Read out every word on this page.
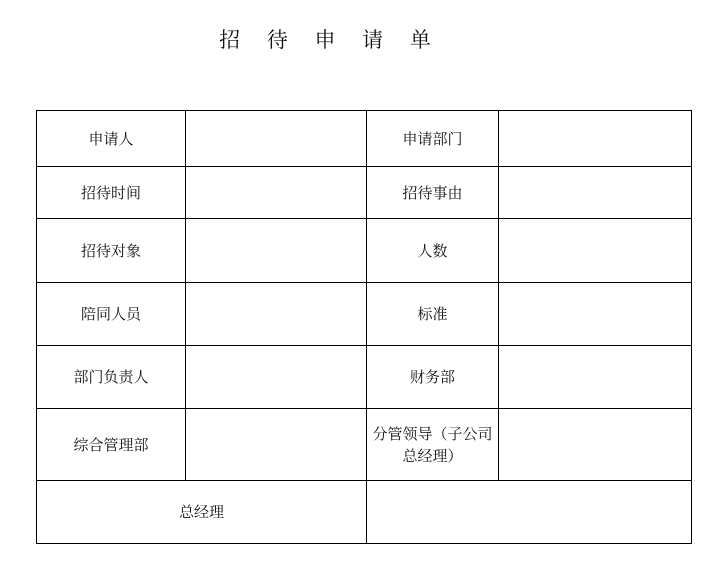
招 待 申 请 单
申请人		申请部门	
招待时间		招待事由	
招待对象		人数	
陪同人员		标准	
部门负责人		财务部	
综合管理部		分管领导（子公司
总经理）	
总经理			
